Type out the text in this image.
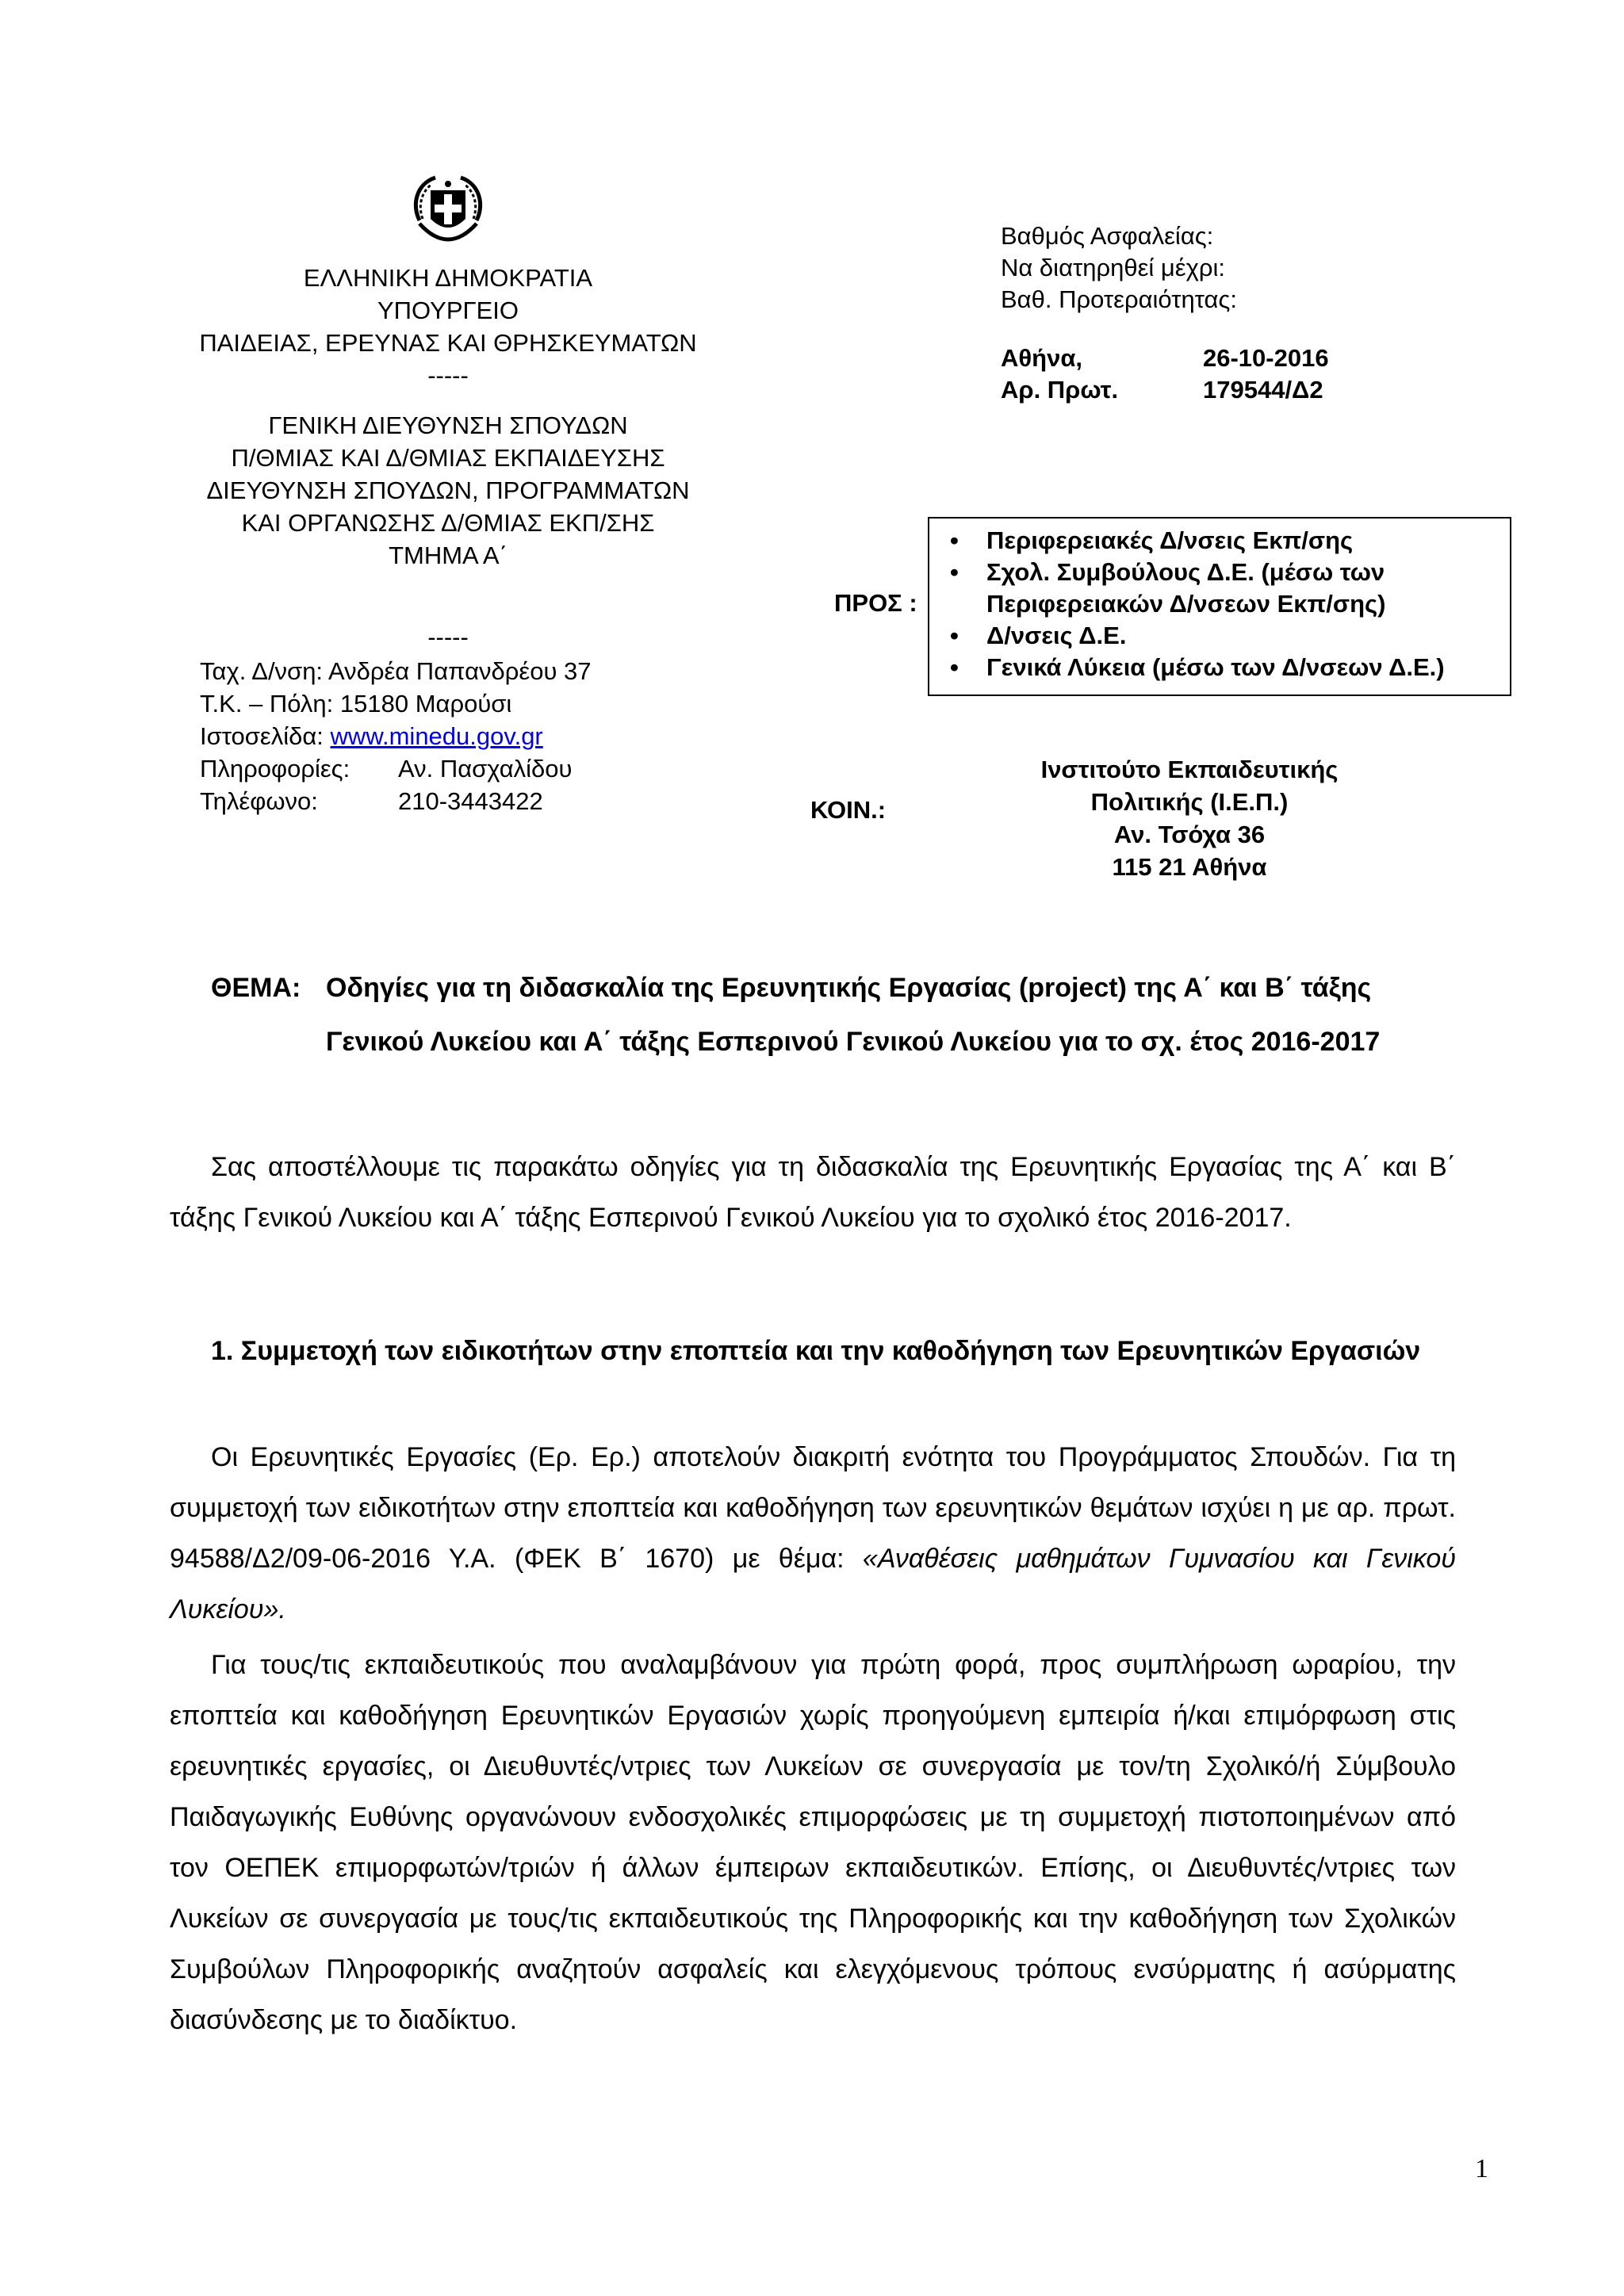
ΕΛΛΗΝΙΚΗ ΔΗΜΟΚΡΑΤΙΑ
ΥΠΟΥΡΓΕΙΟ
ΠΑΙΔΕΙΑΣ, ΕΡΕΥΝΑΣ ΚΑΙ ΘΡΗΣΚΕΥΜΑΤΩΝ
-----
ΓΕΝΙΚΗ ΔΙΕΥΘΥΝΣΗ ΣΠΟΥΔΩΝ
Π/ΘΜΙΑΣ ΚΑΙ Δ/ΘΜΙΑΣ ΕΚΠΑΙΔΕΥΣΗΣ
ΔΙΕΥΘΥΝΣΗ ΣΠΟΥΔΩΝ, ΠΡΟΓΡΑΜΜΑΤΩΝ
ΚΑΙ ΟΡΓΑΝΩΣΗΣ Δ/ΘΜΙΑΣ ΕΚΠ/ΣΗΣ
ΤΜΗΜΑ Α΄
-----
Ταχ. Δ/νση: Ανδρέα Παπανδρέου 37
Τ.Κ. – Πόλη: 15180 Μαρούσι
Ιστοσελίδα: www.minedu.gov.gr
Πληροφορίες:	Αν. Πασχαλίδου
Τηλέφωνο:	210-3443422
Βαθμός Ασφαλείας:
Να διατηρηθεί μέχρι:
Βαθ. Προτεραιότητας:
Αθήνα,	26-10-2016
Αρ. Πρωτ.	179544/Δ2
ΠΡΟΣ :
• Περιφερειακές Δ/νσεις Εκπ/σης
• Σχολ. Συμβούλους Δ.Ε. (μέσω των Περιφερειακών Δ/νσεων Εκπ/σης)
• Δ/νσεις Δ.Ε.
• Γενικά Λύκεια (μέσω των Δ/νσεων Δ.Ε.)
ΚΟΙΝ.:
Ινστιτούτο Εκπαιδευτικής
Πολιτικής (Ι.Ε.Π.)
Αν. Τσόχα 36
115 21 Αθήνα
ΘΕΜΑ: Οδηγίες για τη διδασκαλία της Ερευνητικής Εργασίας (project) της Α΄ και Β΄ τάξης Γενικού Λυκείου και Α΄ τάξης Εσπερινού Γενικού Λυκείου για το σχ. έτος 2016-2017
Σας αποστέλλουμε τις παρακάτω οδηγίες για τη διδασκαλία της Ερευνητικής Εργασίας της Α΄ και Β΄ τάξης Γενικού Λυκείου και Α΄ τάξης Εσπερινού Γενικού Λυκείου για το σχολικό έτος 2016-2017.
1. Συμμετοχή των ειδικοτήτων στην εποπτεία και την καθοδήγηση των Ερευνητικών Εργασιών
Οι Ερευνητικές Εργασίες (Ερ. Ερ.) αποτελούν διακριτή ενότητα του Προγράμματος Σπουδών. Για τη συμμετοχή των ειδικοτήτων στην εποπτεία και καθοδήγηση των ερευνητικών θεμάτων ισχύει η με αρ. πρωτ. 94588/Δ2/09-06-2016 Υ.Α. (ΦΕΚ Β΄ 1670) με θέμα: «Αναθέσεις μαθημάτων Γυμνασίου και Γενικού Λυκείου».
Για τους/τις εκπαιδευτικούς που αναλαμβάνουν για πρώτη φορά, προς συμπλήρωση ωραρίου, την εποπτεία και καθοδήγηση Ερευνητικών Εργασιών χωρίς προηγούμενη εμπειρία ή/και επιμόρφωση στις ερευνητικές εργασίες, οι Διευθυντές/ντριες των Λυκείων σε συνεργασία με τον/τη Σχολικό/ή Σύμβουλο Παιδαγωγικής Ευθύνης οργανώνουν ενδοσχολικές επιμορφώσεις με τη συμμετοχή πιστοποιημένων από τον ΟΕΠΕΚ επιμορφωτών/τριών ή άλλων έμπειρων εκπαιδευτικών. Επίσης, οι Διευθυντές/ντριες των Λυκείων σε συνεργασία με τους/τις εκπαιδευτικούς της Πληροφορικής και την καθοδήγηση των Σχολικών Συμβούλων Πληροφορικής αναζητούν ασφαλείς και ελεγχόμενους τρόπους ενσύρματης ή ασύρματης διασύνδεσης με το διαδίκτυο.
1
